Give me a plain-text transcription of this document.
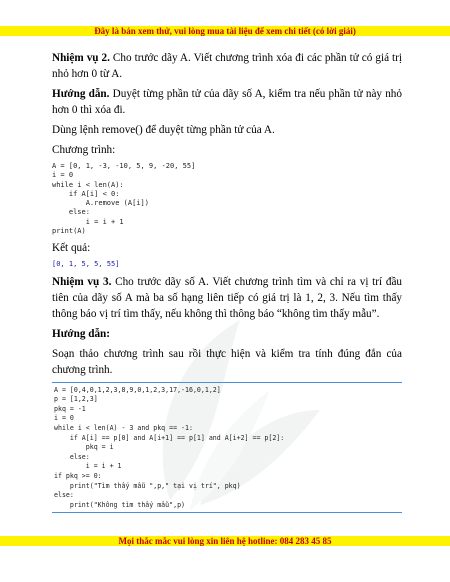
Đây là bản xem thử, vui lòng mua tài liệu để xem chi tiết (có lời giải)

Nhiệm vụ 2. Cho trước dãy A. Viết chương trình xóa đi các phần tử có giá trị nhỏ hơn 0 từ A.

Hướng dẫn. Duyệt từng phần tử của dãy số A, kiểm tra nếu phần tử này nhỏ hơn 0 thì xóa đi.

Dùng lệnh remove() để duyệt từng phần tử của A.

Chương trình:

A = [0, 1, -3, -10, 5, 9, -20, 55]
i = 0
while i < len(A):
if A[i] < 0:
A.remove (A[i])
else:
i = i + 1
print(A)

Kết quả:

[0, 1, 5, 5, 55]

Nhiệm vụ 3. Cho trước dãy số A. Viết chương trình tìm và chỉ ra vị trí đầu tiên của dãy số A mà ba số hạng liên tiếp có giá trị là 1, 2, 3. Nếu tìm thấy thông báo vị trí tìm thấy, nếu không thì thông báo “không tìm thấy mẫu”.

Hướng dẫn:

Soạn thảo chương trình sau rồi thực hiện và kiểm tra tính đúng đắn của chương trình.

A = [0,4,0,1,2,3,8,9,0,1,2,3,17,-16,0,1,2]
p = [1,2,3]
pkq = -1
i = 0
while i < len(A) - 3 and pkq == -1:
if A[i] == p[0] and A[i+1] == p[1] and A[i+2] == p[2]:
pkq = i
else:
i = i + 1
if pkq >= 0:
print("Tìm thấy mẫu ",p," tại vị trí", pkq)
else:
print("Không tìm thấy mẫu",p)
Mọi thắc mắc vui lòng xin liên hệ hotline: 084 283 45 85
